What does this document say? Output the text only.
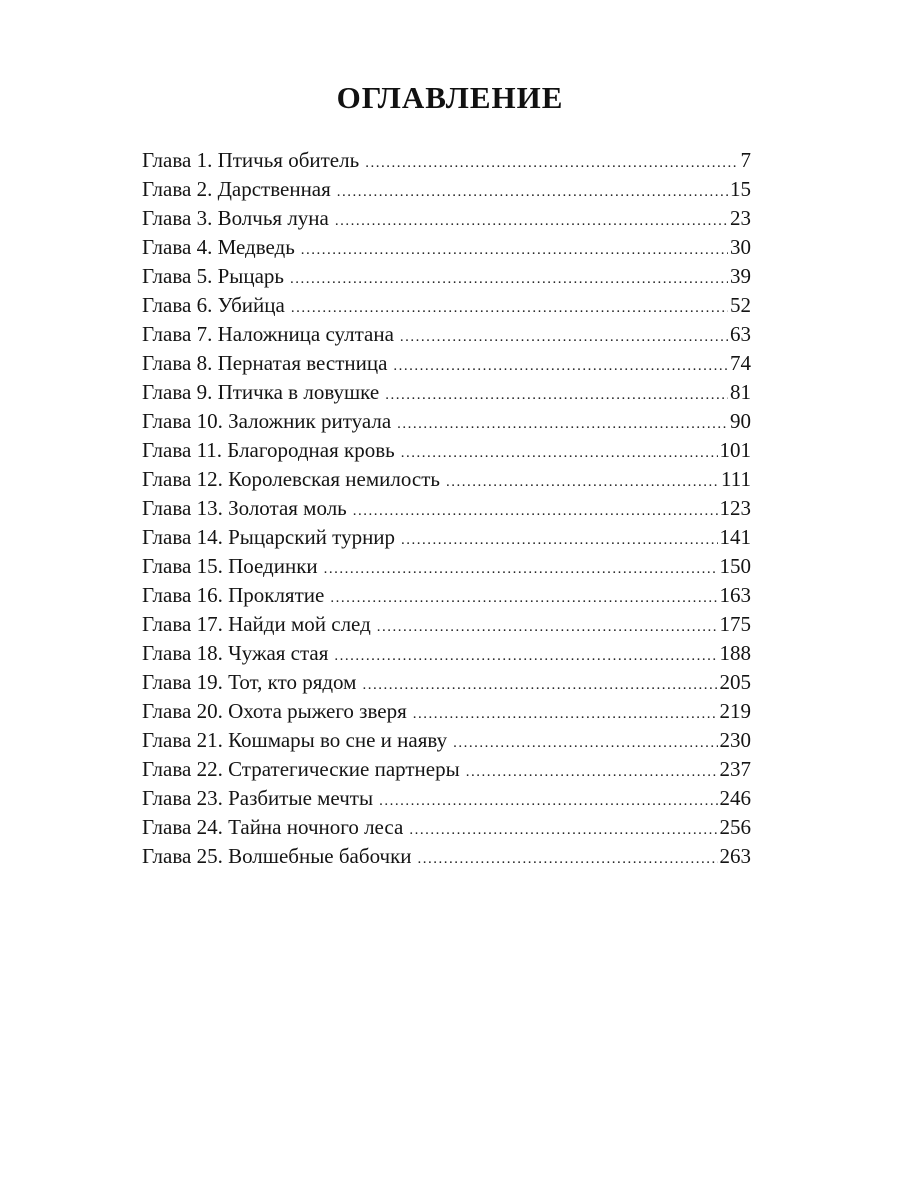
ОГЛАВЛЕНИЕ
Глава 1. Птичья обитель .....	7
Глава 2. Дарственная .....	15
Глава 3. Волчья луна .....	23
Глава 4. Медведь .....	30
Глава 5. Рыцарь .....	39
Глава 6. Убийца .....	52
Глава 7. Наложница султана .....	63
Глава 8. Пернатая вестница .....	74
Глава 9. Птичка в ловушке .....	81
Глава 10. Заложник ритуала .....	90
Глава 11. Благородная кровь .....	101
Глава 12. Королевская немилость .....	111
Глава 13. Золотая моль .....	123
Глава 14. Рыцарский турнир .....	141
Глава 15. Поединки .....	150
Глава 16. Проклятие .....	163
Глава 17. Найди мой след .....	175
Глава 18. Чужая стая .....	188
Глава 19. Тот, кто рядом .....	205
Глава 20. Охота рыжего зверя .....	219
Глава 21. Кошмары во сне и наяву .....	230
Глава 22. Стратегические партнеры .....	237
Глава 23. Разбитые мечты .....	246
Глава 24. Тайна ночного леса .....	256
Глава 25. Волшебные бабочки .....	263
